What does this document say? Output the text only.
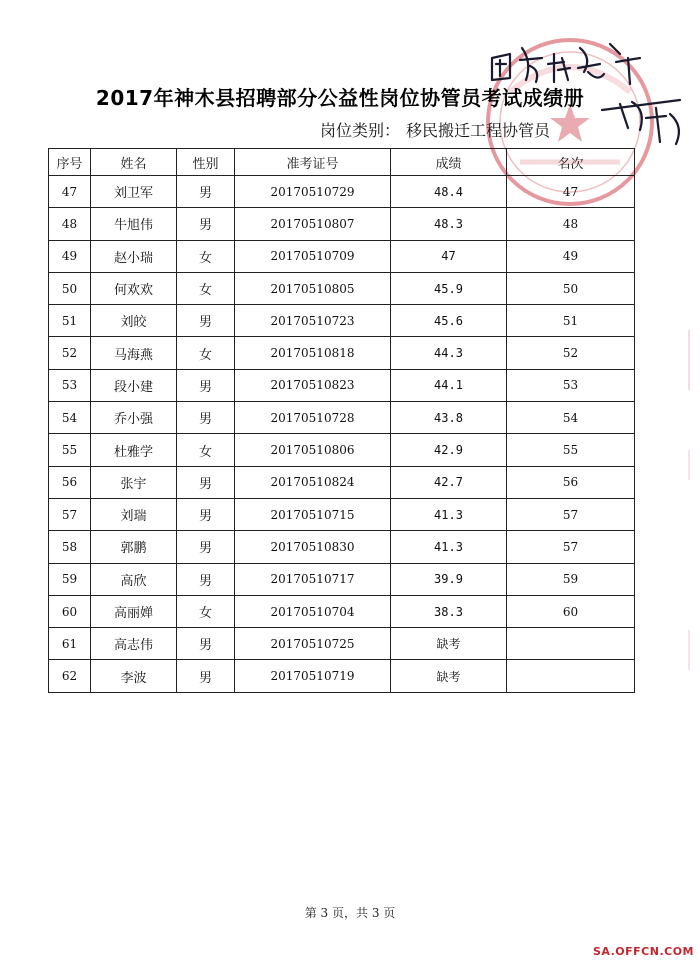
2017年神木县招聘部分公益性岗位协管员考试成绩册
岗位类别： 移民搬迁工程协管员
序号	姓名	性别	准考证号	成绩	名次
47	刘卫军	男	20170510729	48.4	47
48	牛旭伟	男	20170510807	48.3	48
49	赵小瑞	女	20170510709	47	49
50	何欢欢	女	20170510805	45.9	50
51	刘皎	男	20170510723	45.6	51
52	马海燕	女	20170510818	44.3	52
53	段小建	男	20170510823	44.1	53
54	乔小强	男	20170510728	43.8	54
55	杜雅学	女	20170510806	42.9	55
56	张宇	男	20170510824	42.7	56
57	刘瑞	男	20170510715	41.3	57
58	郭鹏	男	20170510830	41.3	57
59	高欣	男	20170510717	39.9	59
60	高丽婵	女	20170510704	38.3	60
61	高志伟	男	20170510725	缺考	
62	李波	男	20170510719	缺考	
第 3 页，共 3 页
SA.OFFCN.COM
